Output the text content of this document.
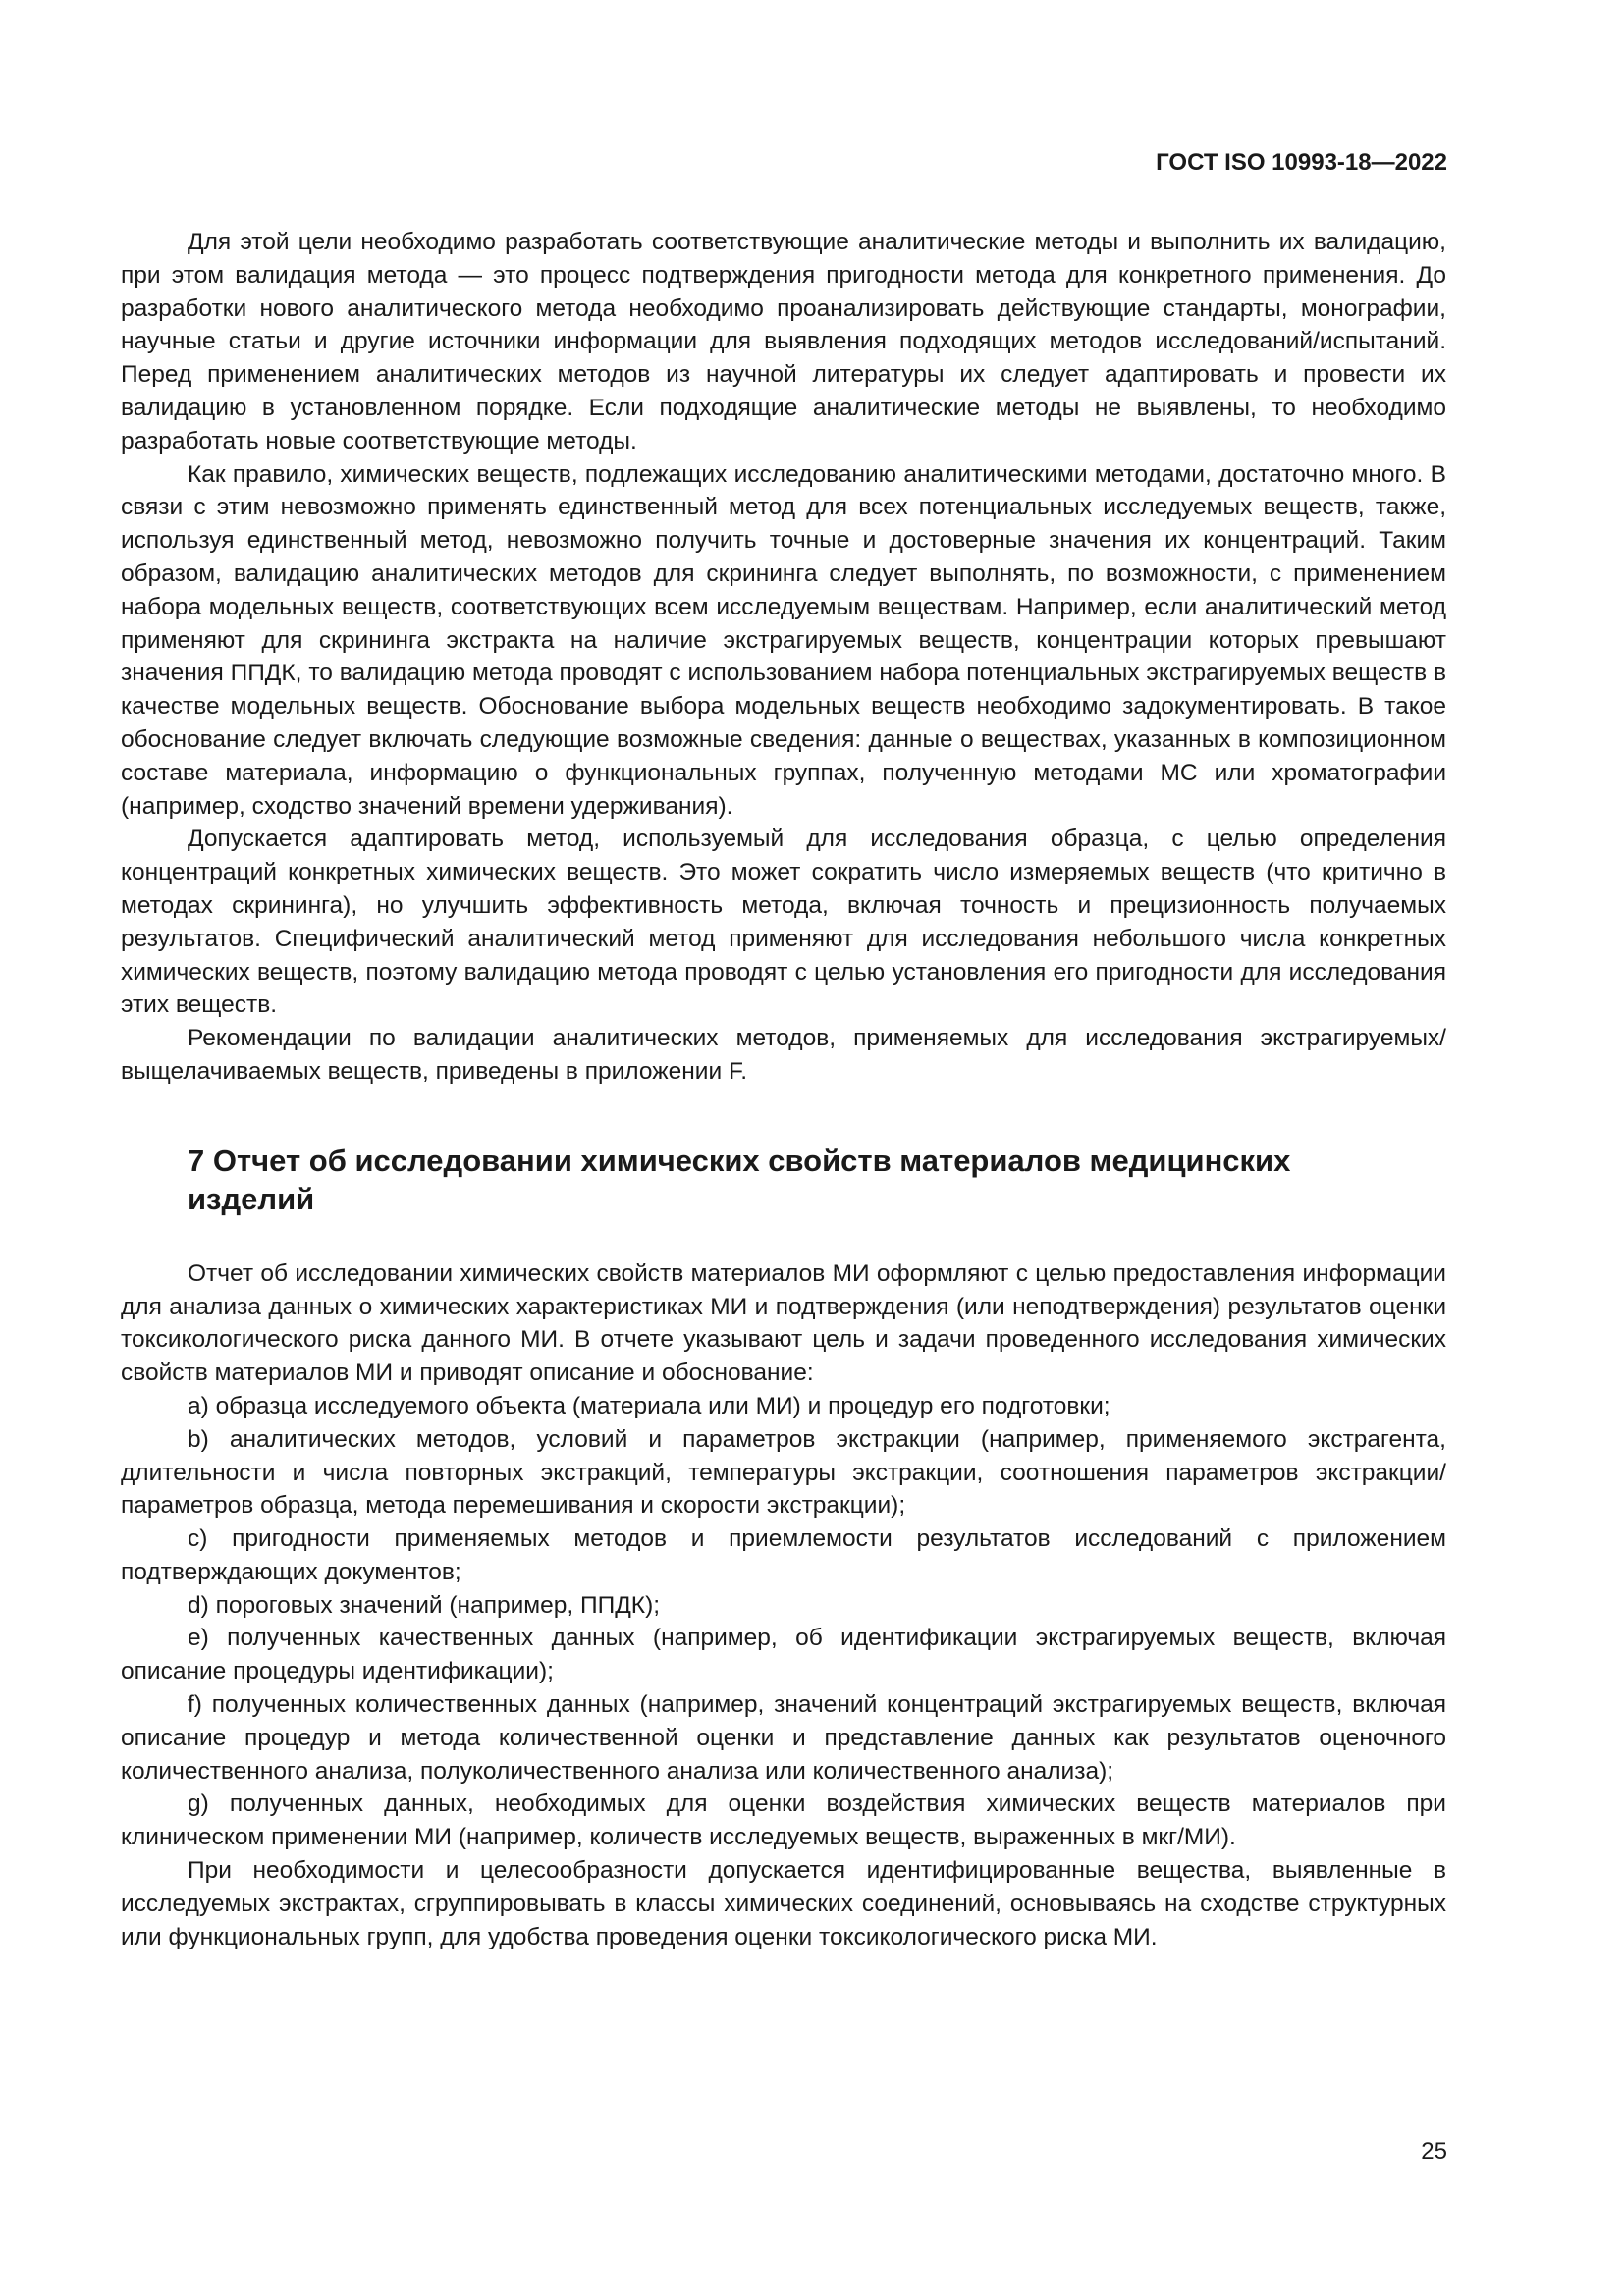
ГОСТ ISO 10993-18—2022

Для этой цели необходимо разработать соответствующие аналитические методы и выполнить их валидацию, при этом валидация метода — это процесс подтверждения пригодности метода для конкретного применения. До разработки нового аналитического метода необходимо проанализировать действующие стандарты, монографии, научные статьи и другие источники информации для выявления подходящих методов исследований/испытаний. Перед применением аналитических методов из научной литературы их следует адаптировать и провести их валидацию в установленном порядке. Если подходящие аналитические методы не выявлены, то необходимо разработать новые соответствующие методы.

Как правило, химических веществ, подлежащих исследованию аналитическими методами, достаточно много. В связи с этим невозможно применять единственный метод для всех потенциальных исследуемых веществ, также, используя единственный метод, невозможно получить точные и достоверные значения их концентраций. Таким образом, валидацию аналитических методов для скрининга следует выполнять, по возможности, с применением набора модельных веществ, соответствующих всем исследуемым веществам. Например, если аналитический метод применяют для скрининга экстракта на наличие экстрагируемых веществ, концентрации которых превышают значения ППДК, то валидацию метода проводят с использованием набора потенциальных экстрагируемых веществ в качестве модельных веществ. Обоснование выбора модельных веществ необходимо задокументировать. В такое обоснование следует включать следующие возможные сведения: данные о веществах, указанных в композиционном составе материала, информацию о функциональных группах, полученную методами МС или хроматографии (например, сходство значений времени удерживания).

Допускается адаптировать метод, используемый для исследования образца, с целью определения концентраций конкретных химических веществ. Это может сократить число измеряемых веществ (что критично в методах скрининга), но улучшить эффективность метода, включая точность и прецизионность получаемых результатов. Специфический аналитический метод применяют для исследования небольшого числа конкретных химических веществ, поэтому валидацию метода проводят с целью установления его пригодности для исследования этих веществ.

Рекомендации по валидации аналитических методов, применяемых для исследования экстрагируемых/выщелачиваемых веществ, приведены в приложении F.

7 Отчет об исследовании химических свойств материалов медицинских изделий

Отчет об исследовании химических свойств материалов МИ оформляют с целью предоставления информации для анализа данных о химических характеристиках МИ и подтверждения (или неподтверждения) результатов оценки токсикологического риска данного МИ. В отчете указывают цель и задачи проведенного исследования химических свойств материалов МИ и приводят описание и обоснование:

a) образца исследуемого объекта (материала или МИ) и процедур его подготовки;

b) аналитических методов, условий и параметров экстракции (например, применяемого экстрагента, длительности и числа повторных экстракций, температуры экстракции, соотношения параметров экстракции/параметров образца, метода перемешивания и скорости экстракции);

c) пригодности применяемых методов и приемлемости результатов исследований с приложением подтверждающих документов;

d) пороговых значений (например, ППДК);

e) полученных качественных данных (например, об идентификации экстрагируемых веществ, включая описание процедуры идентификации);

f) полученных количественных данных (например, значений концентраций экстрагируемых веществ, включая описание процедур и метода количественной оценки и представление данных как результатов оценочного количественного анализа, полуколичественного анализа или количественного анализа);

g) полученных данных, необходимых для оценки воздействия химических веществ материалов при клиническом применении МИ (например, количеств исследуемых веществ, выраженных в мкг/МИ).

При необходимости и целесообразности допускается идентифицированные вещества, выявленные в исследуемых экстрактах, сгруппировывать в классы химических соединений, основываясь на сходстве структурных или функциональных групп, для удобства проведения оценки токсикологического риска МИ.

25
